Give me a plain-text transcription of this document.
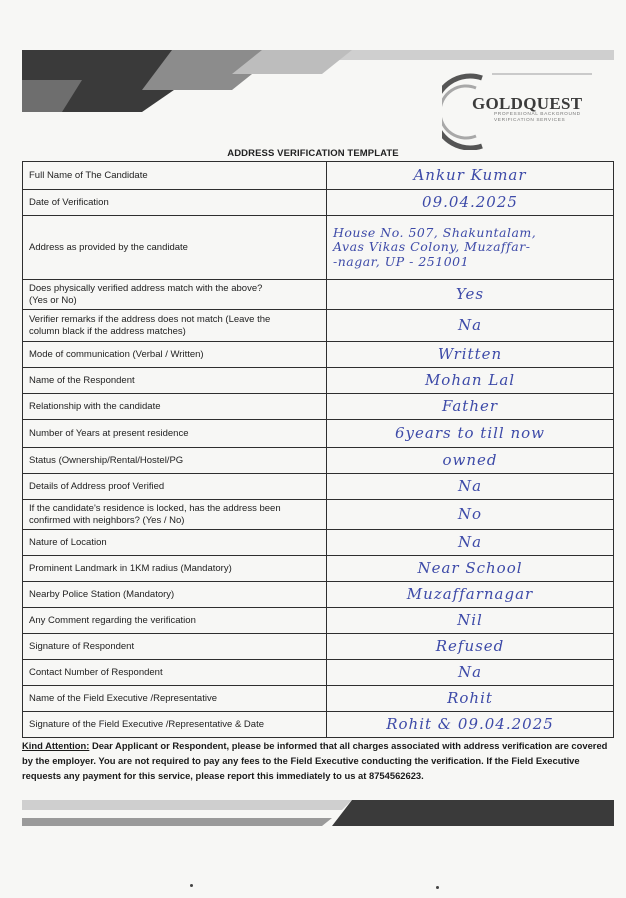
GOLDQUEST
PROFESSIONAL BACKGROUND
VERIFICATION SERVICES
ADDRESS VERIFICATION TEMPLATE
Full Name of The Candidate	Ankur Kumar
Date of Verification	09.04.2025
Address as provided by the candidate	House No. 507, Shakuntalam,
Avas Vikas Colony, Muzaffar-
-nagar, UP - 251001
Does physically verified address match with the above?
(Yes or No)	Yes
Verifier remarks if the address does not match (Leave the
column black if the address matches)	Na
Mode of communication (Verbal / Written)	Written
Name of the Respondent	Mohan Lal
Relationship with the candidate	Father
Number of Years at present residence	6years to till now
Status (Ownership/Rental/Hostel/PG	owned
Details of Address proof Verified	Na
If the candidate's residence is locked, has the address been
confirmed with neighbors? (Yes / No)	No
Nature of Location	Na
Prominent Landmark in 1KM radius (Mandatory)	Near School
Nearby Police Station (Mandatory)	Muzaffarnagar
Any Comment regarding the verification	Nil
Signature of Respondent	Refused
Contact Number of Respondent	Na
Name of the Field Executive /Representative	Rohit
Signature of the Field Executive /Representative & Date	Rohit & 09.04.2025
Kind Attention: Dear Applicant or Respondent, please be informed that all charges associated with address verification are covered by the employer. You are not required to pay any fees to the Field Executive conducting the verification. If the Field Executive requests any payment for this service, please report this immediately to us at 8754562623.
